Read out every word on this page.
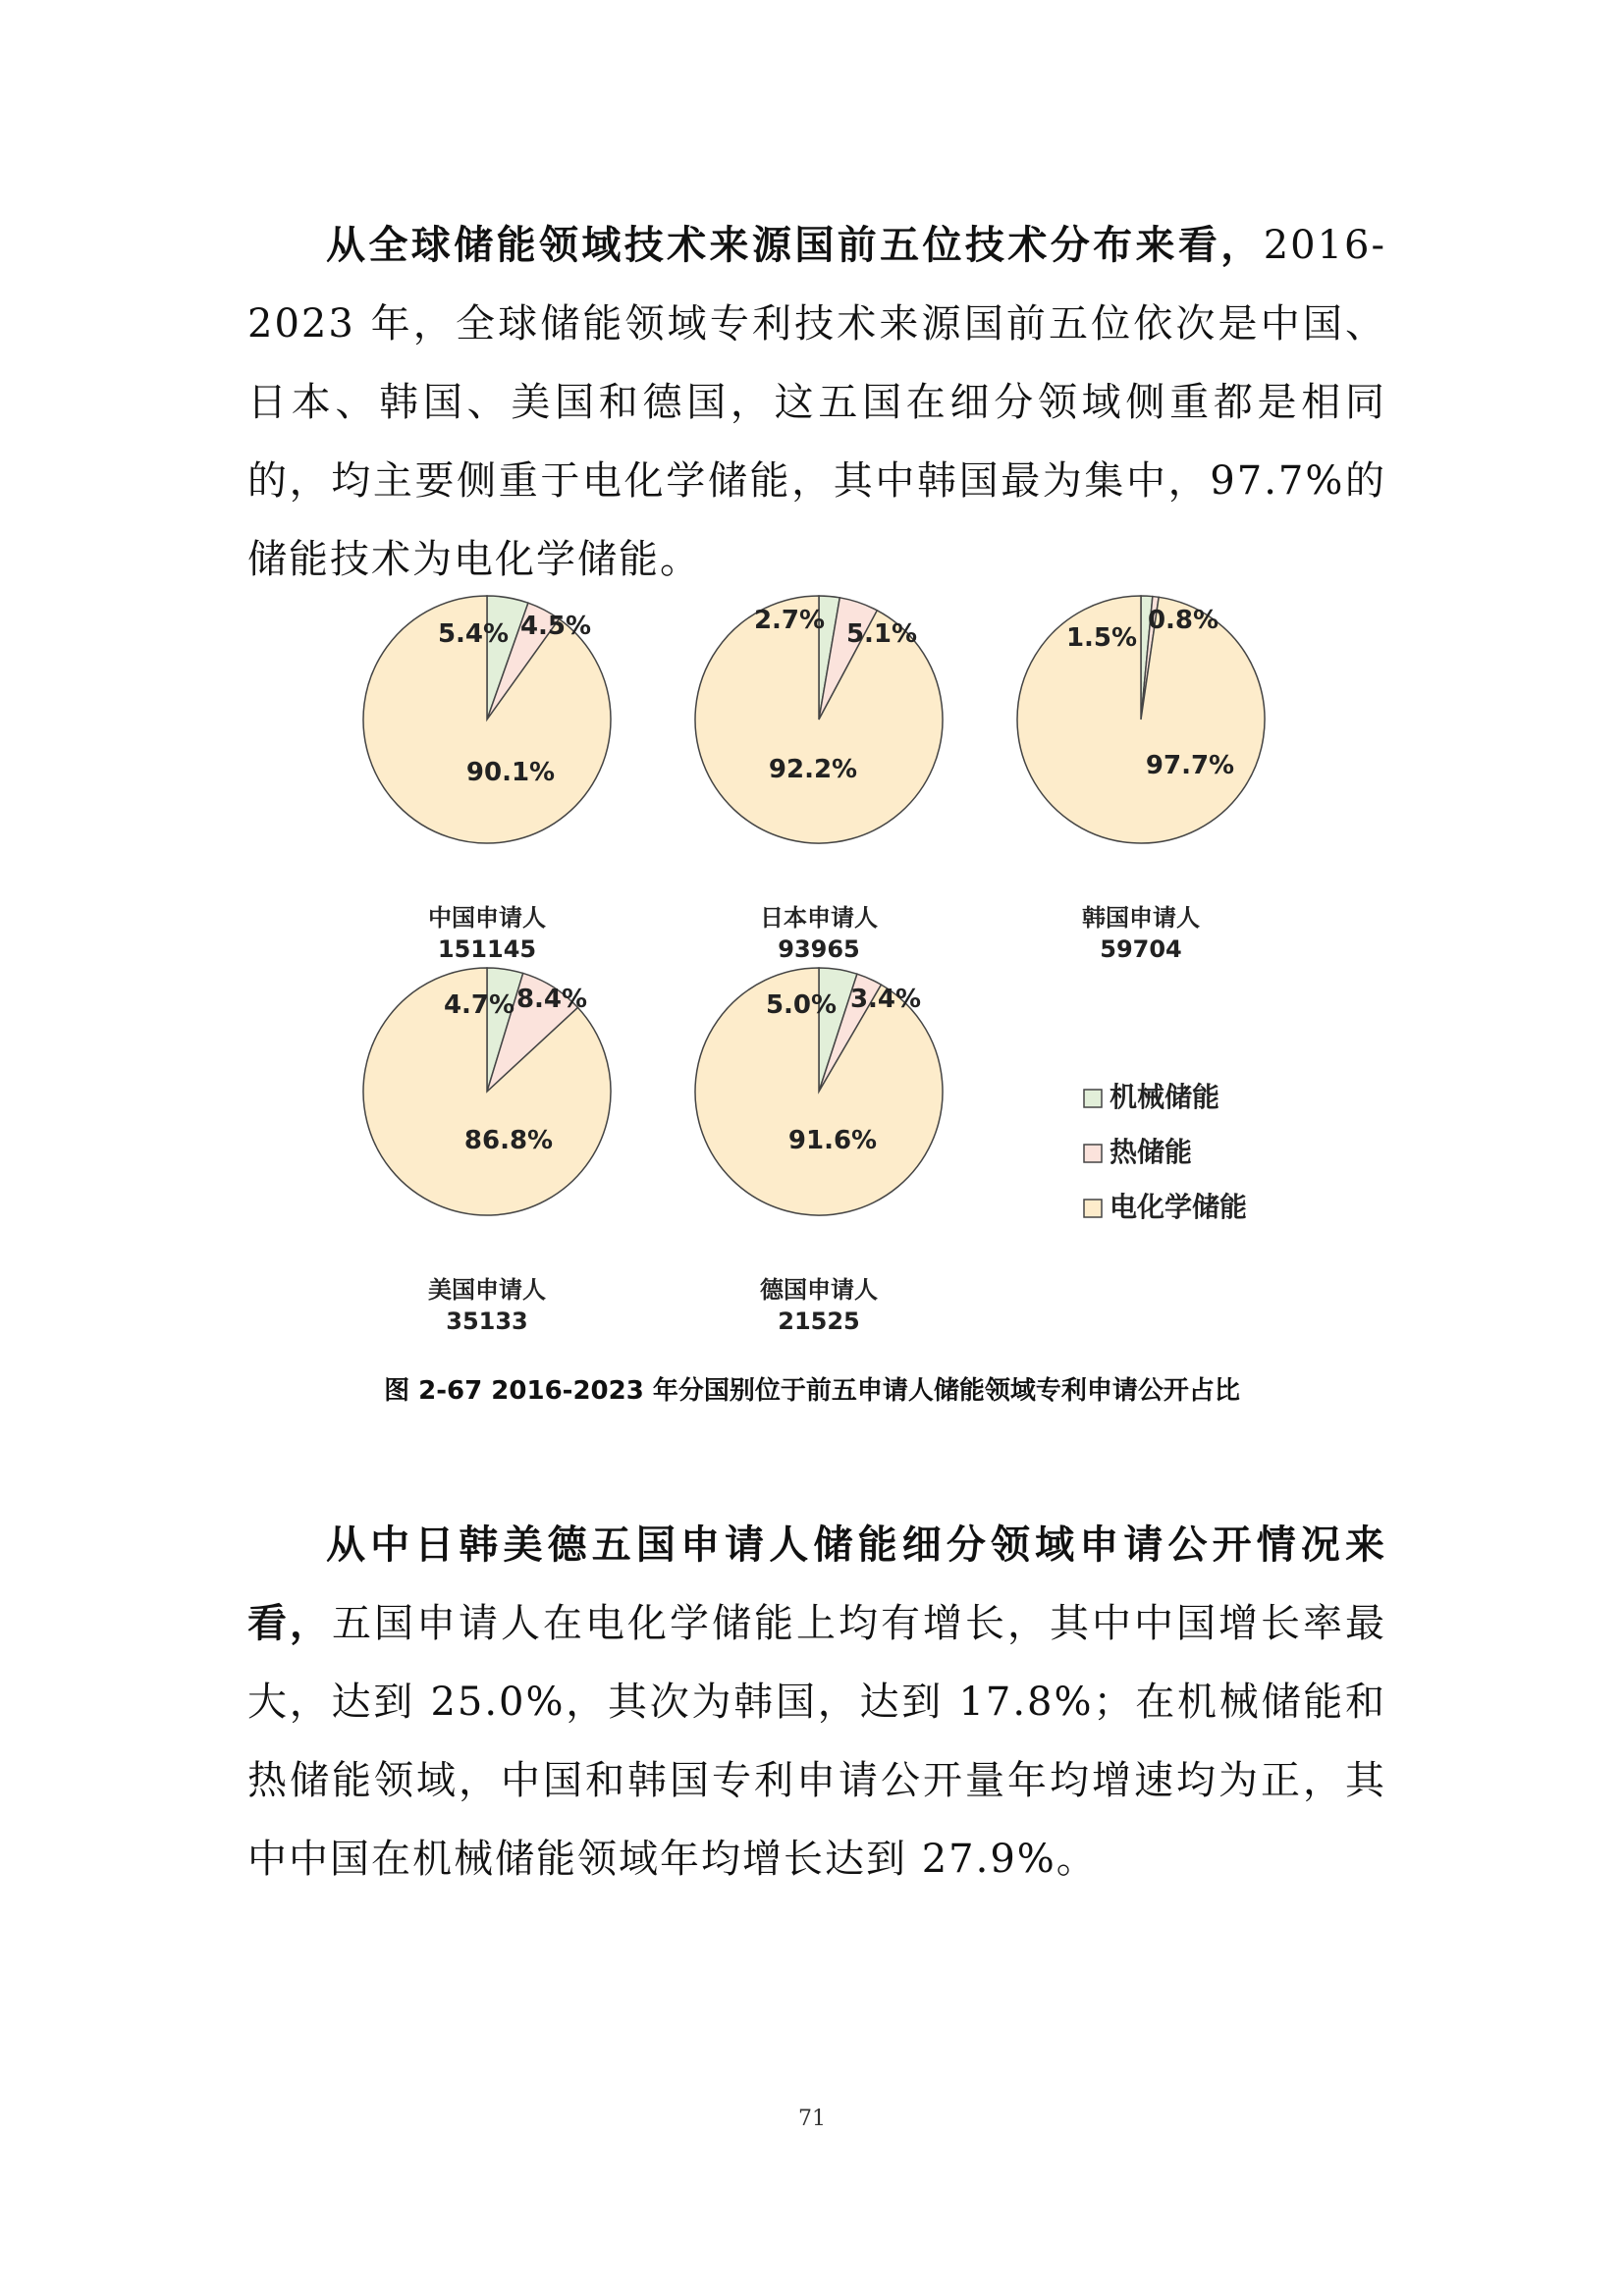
从全球储能领域技术来源国前五位技术分布来看，2016-2023 年，全球储能领域专利技术来源国前五位依次是中国、日本、韩国、美国和德国，这五国在细分领域侧重都是相同的，均主要侧重于电化学储能，其中韩国最为集中，97.7%的储能技术为电化学储能。

5.4% 4.5%
90.1%
中国申请人
151145
2.7% 5.1%
92.2%
日本申请人
93965
1.5%
0.8%
97.7%
韩国申请人
59704
4.7% 8.4%
86.8%
美国申请人
35133
5.0% 3.4%
91.6%
德国申请人
21525
机械储能
热储能
电化学储能
图 2-67 2016-2023 年分国别位于前五申请人储能领域专利申请公开占比

从中日韩美德五国申请人储能细分领域申请公开情况来看，五国申请人在电化学储能上均有增长，其中中国增长率最大，达到 25.0%，其次为韩国，达到 17.8%；在机械储能和热储能领域，中国和韩国专利申请公开量年均增速均为正，其中中国在机械储能领域年均增长达到 27.9%。

71
